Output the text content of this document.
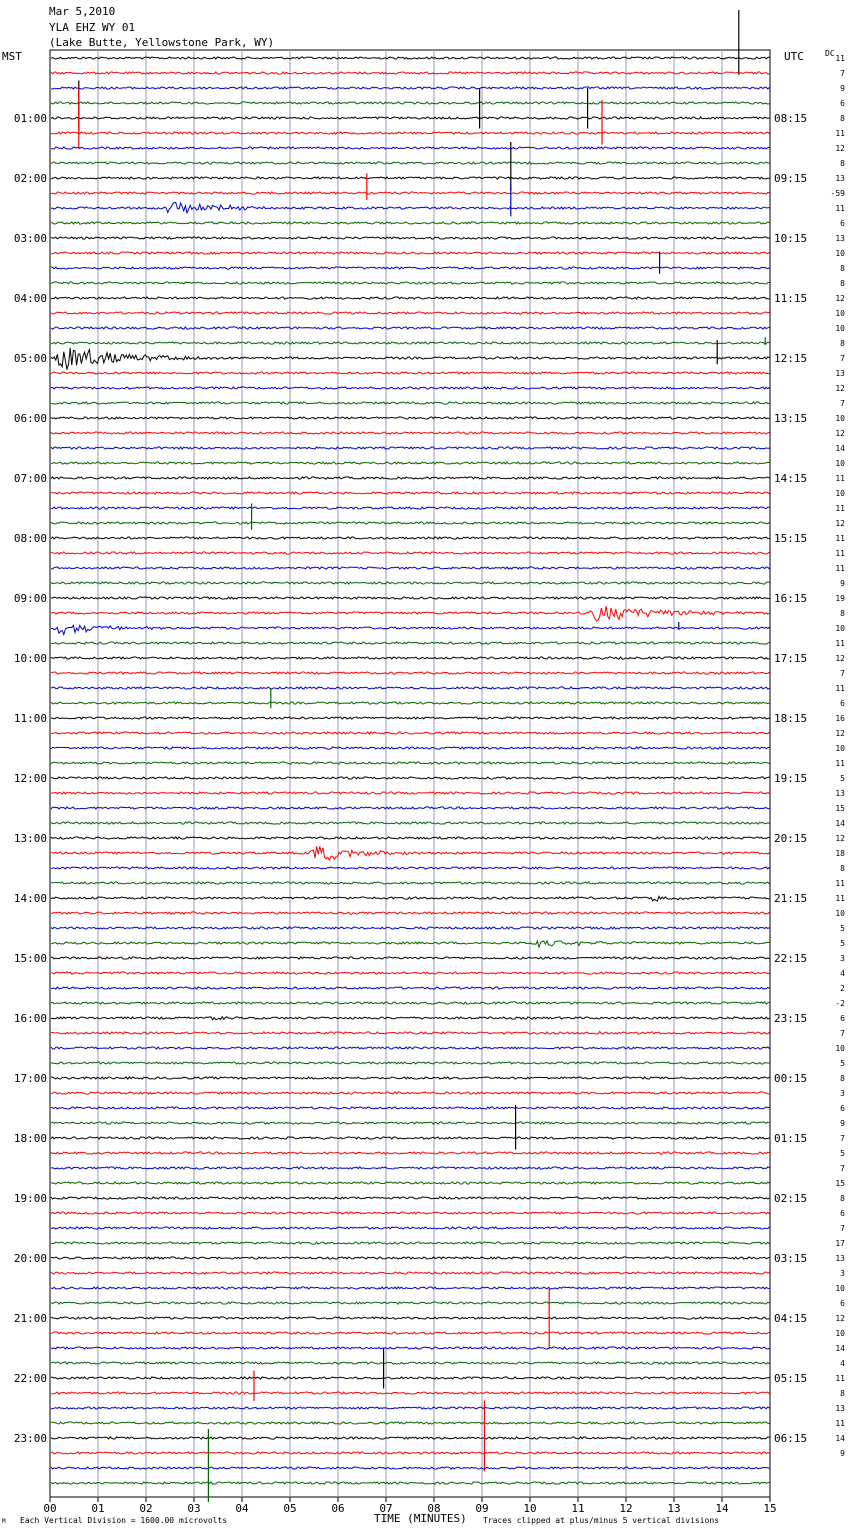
01:00
02:00
03:00
04:00
05:00
06:00
07:00
08:00
09:00
10:00
11:00
12:00
13:00
14:00
15:00
16:00
17:00
18:00
19:00
20:00
21:00
22:00
23:00
08:15
09:15
10:15
11:15
12:15
13:15
14:15
15:15
16:15
17:15
18:15
19:15
20:15
21:15
22:15
23:15
00:15
01:15
02:15
03:15
04:15
05:15
06:15
11
7
9
6
8
11
12
8
13
-59
11
6
13
10
8
8
12
10
10
8
7
13
12
7
10
12
14
10
11
10
11
12
11
11
11
9
19
8
10
11
12
7
11
6
16
12
10
11
5
13
15
14
12
18
8
11
11
10
5
5
3
4
2
-2
6
7
10
5
8
3
6
9
7
5
7
15
8
6
7
17
13
3
10
6
12
10
14
4
11
8
13
11
14
9
00	01	02	03	04	05	06	07	08	09	10	11	12	13	14	15
Mar 5,2010
YLA EHZ WY 01
(Lake Butte, Yellowstone Park, WY)
MST	UTC	DC
M Each Vertical Division = 1600.00 microvolts	TIME (MINUTES) Traces clipped at plus/minus 5 vertical divisions
